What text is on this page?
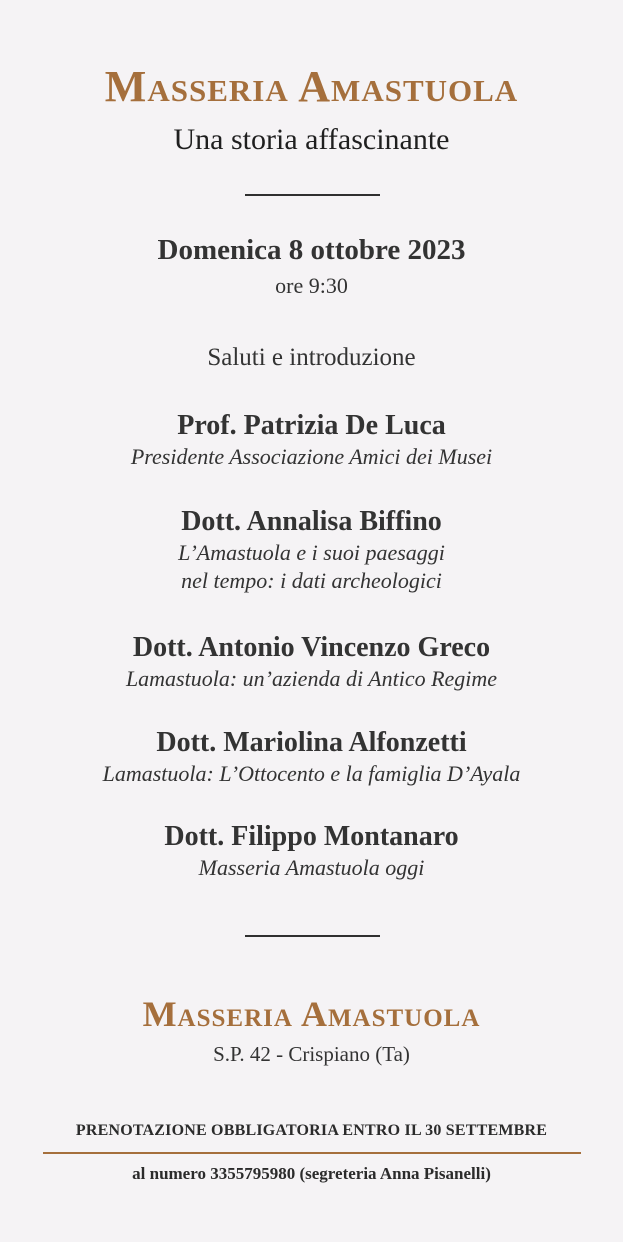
Masseria Amastuola
Una storia affascinante
Domenica 8 ottobre 2023
ore 9:30
Saluti e introduzione
Prof. Patrizia De Luca
Presidente Associazione Amici dei Musei
Dott. Annalisa Biffino
L’Amastuola e i suoi paesaggi
nel tempo: i dati archeologici
Dott. Antonio Vincenzo Greco
Lamastuola: un’azienda di Antico Regime
Dott. Mariolina Alfonzetti
Lamastuola: L’Ottocento e la famiglia D’Ayala
Dott. Filippo Montanaro
Masseria Amastuola oggi
Masseria Amastuola
S.P. 42 - Crispiano (Ta)
PRENOTAZIONE OBBLIGATORIA ENTRO IL 30 SETTEMBRE
al numero 3355795980 (segreteria Anna Pisanelli)
